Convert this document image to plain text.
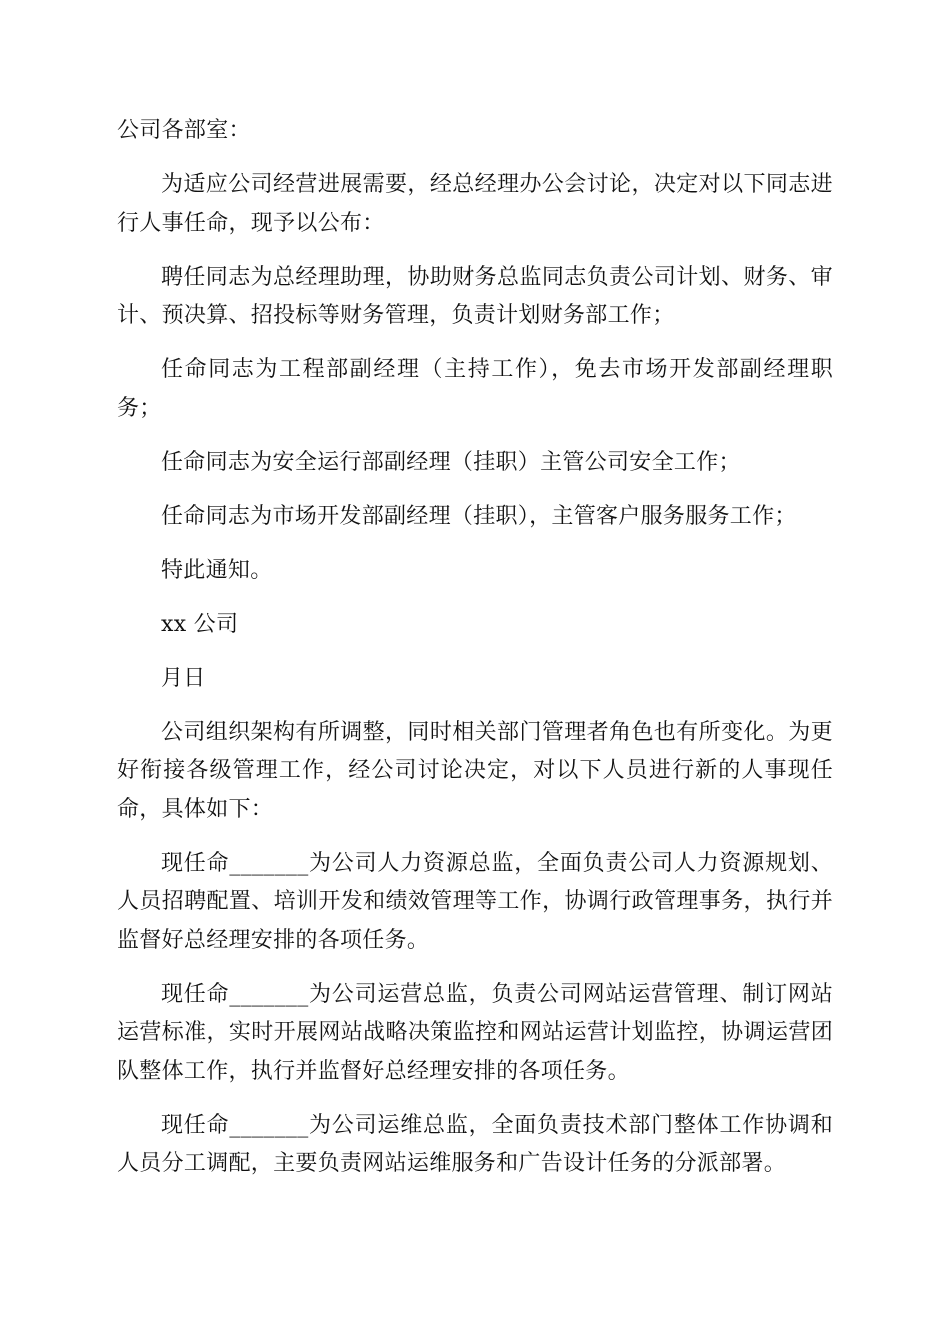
公司各部室：

为适应公司经营进展需要，经总经理办公会讨论，决定对以下同志进行人事任命，现予以公布：

聘任同志为总经理助理，协助财务总监同志负责公司计划、财务、审计、预决算、招投标等财务管理，负责计划财务部工作；

任命同志为工程部副经理（主持工作），免去市场开发部副经理职务；

任命同志为安全运行部副经理（挂职）主管公司安全工作；

任命同志为市场开发部副经理（挂职），主管客户服务服务工作；

特此通知。

xx 公司

月日

公司组织架构有所调整，同时相关部门管理者角色也有所变化。为更好衔接各级管理工作，经公司讨论决定，对以下人员进行新的人事现任命，具体如下：

现任命_______为公司人力资源总监，全面负责公司人力资源规划、人员招聘配置、培训开发和绩效管理等工作，协调行政管理事务，执行并监督好总经理安排的各项任务。

现任命_______为公司运营总监，负责公司网站运营管理、制订网站运营标准，实时开展网站战略决策监控和网站运营计划监控，协调运营团队整体工作，执行并监督好总经理安排的各项任务。

现任命_______为公司运维总监，全面负责技术部门整体工作协调和人员分工调配，主要负责网站运维服务和广告设计任务的分派部署。
